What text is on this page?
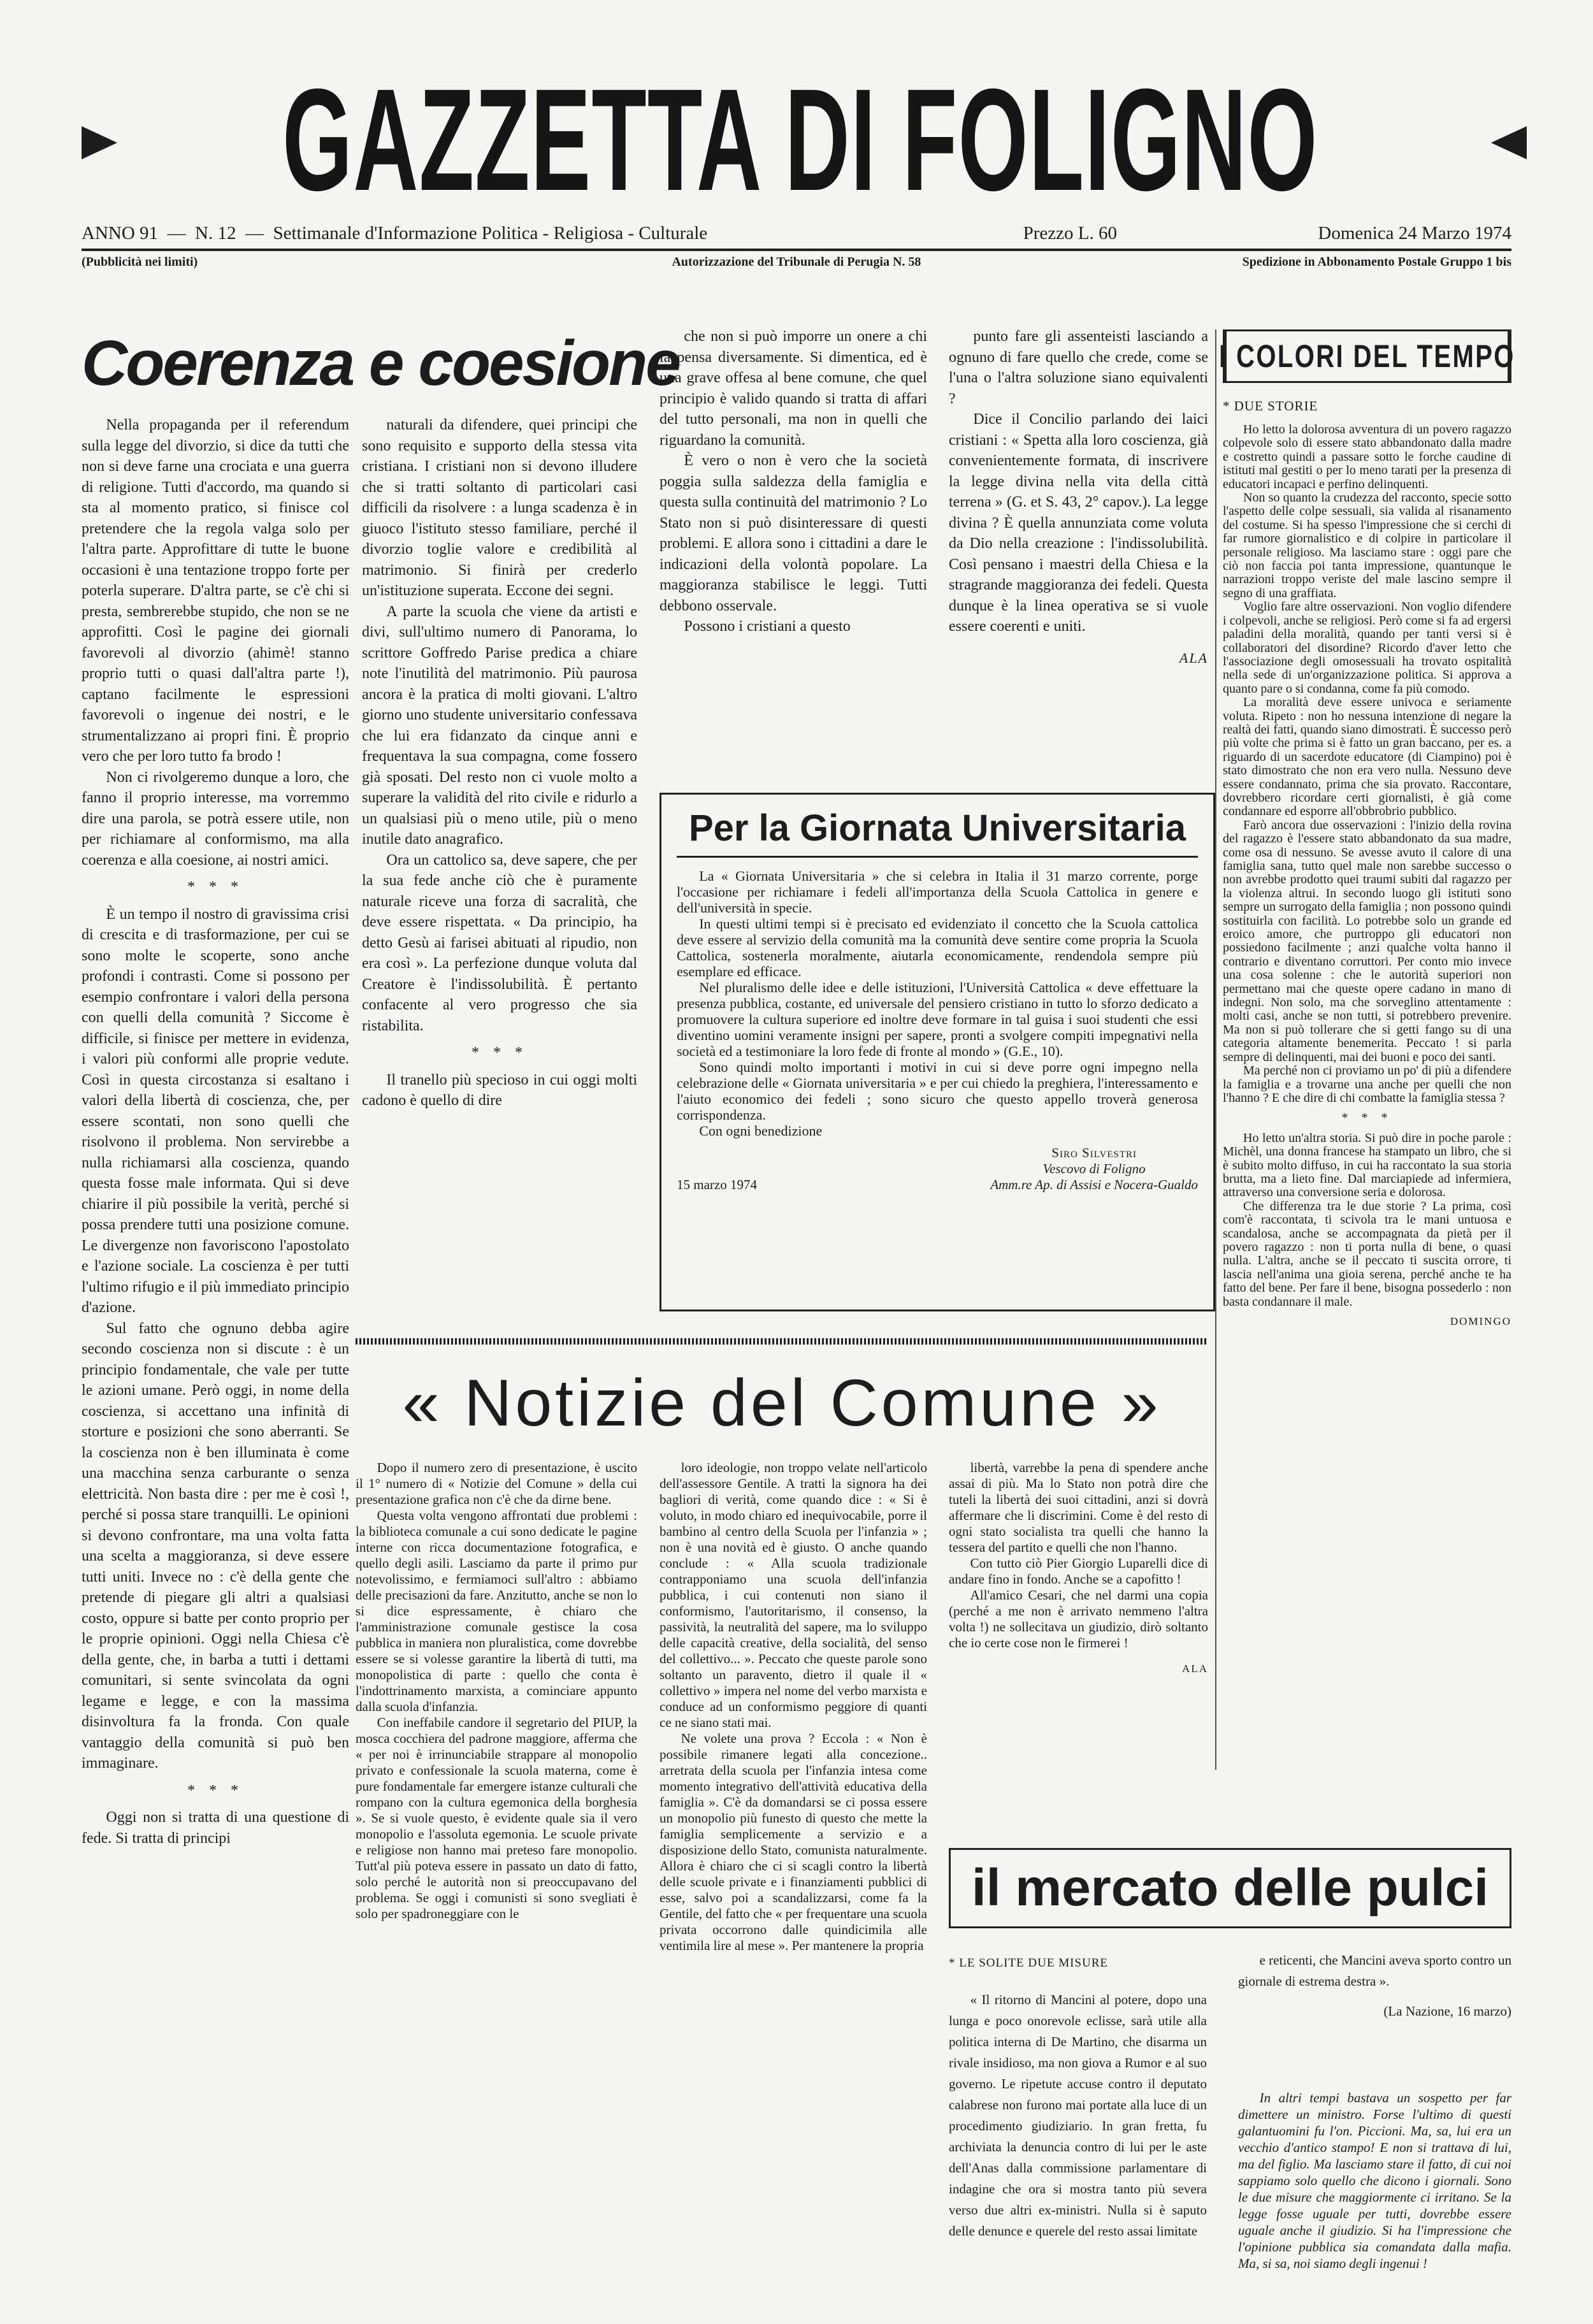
GAZZETTA DI FOLIGNO
ANNO 91 — N. 12 — Settimanale d'Informazione Politica - Religiosa - Culturale	Prezzo L. 60	Domenica 24 Marzo 1974
(Pubblicità nei limiti)	Autorizzazione del Tribunale di Perugia N. 58	Spedizione in Abbonamento Postale Gruppo 1 bis
Coerenza e coesione

Nella propaganda per il referendum sulla legge del divorzio, si dice da tutti che non si deve farne una crociata e una guerra di religione. Tutti d'accordo, ma quando si sta al momento pratico, si finisce col pretendere che la regola valga solo per l'altra parte. Approfittare di tutte le buone occasioni è una tentazione troppo forte per poterla superare. D'altra parte, se c'è chi si presta, sembrerebbe stupido, che non se ne approfitti. Così le pagine dei giornali favorevoli al divorzio (ahimè! stanno proprio tutti o quasi dall'altra parte !), captano facilmente le espressioni favorevoli o ingenue dei nostri, e le strumentalizzano ai propri fini. È proprio vero che per loro tutto fa brodo !

Non ci rivolgeremo dunque a loro, che fanno il proprio interesse, ma vorremmo dire una parola, se potrà essere utile, non per richiamare al conformismo, ma alla coerenza e alla coesione, ai nostri amici.

* * *

È un tempo il nostro di gravissima crisi di crescita e di trasformazione, per cui se sono molte le scoperte, sono anche profondi i contrasti. Come si possono per esempio confrontare i valori della persona con quelli della comunità ? Siccome è difficile, si finisce per mettere in evidenza, i valori più conformi alle proprie vedute. Così in questa circostanza si esaltano i valori della libertà di coscienza, che, per essere scontati, non sono quelli che risolvono il problema. Non servirebbe a nulla richiamarsi alla coscienza, quando questa fosse male informata. Qui si deve chiarire il più possibile la verità, perché si possa prendere tutti una posizione comune. Le divergenze non favoriscono l'apostolato e l'azione sociale. La coscienza è per tutti l'ultimo rifugio e il più immediato principio d'azione.

Sul fatto che ognuno debba agire secondo coscienza non si discute : è un principio fondamentale, che vale per tutte le azioni umane. Però oggi, in nome della coscienza, si accettano una infinità di storture e posizioni che sono aberranti. Se la coscienza non è ben illuminata è come una macchina senza carburante o senza elettricità. Non basta dire : per me è così !, perché si possa stare tranquilli. Le opinioni si devono confrontare, ma una volta fatta una scelta a maggioranza, si deve essere tutti uniti. Invece no : c'è della gente che pretende di piegare gli altri a qualsiasi costo, oppure si batte per conto proprio per le proprie opinioni. Oggi nella Chiesa c'è della gente, che, in barba a tutti i dettami comunitari, si sente svincolata da ogni legame e legge, e con la massima disinvoltura fa la fronda. Con quale vantaggio della comunità si può ben immaginare.

* * *

Oggi non si tratta di una questione di fede. Si tratta di principi

naturali da difendere, quei principi che sono requisito e supporto della stessa vita cristiana. I cristiani non si devono illudere che si tratti soltanto di particolari casi difficili da risolvere : a lunga scadenza è in giuoco l'istituto stesso familiare, perché il divorzio toglie valore e credibilità al matrimonio. Si finirà per crederlo un'istituzione superata. Eccone dei segni.

A parte la scuola che viene da artisti e divi, sull'ultimo numero di Panorama, lo scrittore Goffredo Parise predica a chiare note l'inutilità del matrimonio. Più paurosa ancora è la pratica di molti giovani. L'altro giorno uno studente universitario confessava che lui era fidanzato da cinque anni e frequentava la sua compagna, come fossero già sposati. Del resto non ci vuole molto a superare la validità del rito civile e ridurlo a un qualsiasi più o meno utile, più o meno inutile dato anagrafico.

Ora un cattolico sa, deve sapere, che per la sua fede anche ciò che è puramente naturale riceve una forza di sacralità, che deve essere rispettata. « Da principio, ha detto Gesù ai farisei abituati al ripudio, non era così ». La perfezione dunque voluta dal Creatore è l'indissolubilità. È pertanto confacente al vero progresso che sia ristabilita.

* * *

Il tranello più specioso in cui oggi molti cadono è quello di dire

che non si può imporre un onere a chi la pensa diversamente. Si dimentica, ed è una grave offesa al bene comune, che quel principio è valido quando si tratta di affari del tutto personali, ma non in quelli che riguardano la comunità.

È vero o non è vero che la società poggia sulla saldezza della famiglia e questa sulla continuità del matrimonio ? Lo Stato non si può disinteressare di questi problemi. E allora sono i cittadini a dare le indicazioni della volontà popolare. La maggioranza stabilisce le leggi. Tutti debbono osservale.

Possono i cristiani a questo

punto fare gli assenteisti lasciando a ognuno di fare quello che crede, come se l'una o l'altra soluzione siano equivalenti ?

Dice il Concilio parlando dei laici cristiani : « Spetta alla loro coscienza, già convenientemente formata, di inscrivere la legge divina nella vita della città terrena » (G. et S. 43, 2° capov.). La legge divina ? È quella annunziata come voluta da Dio nella creazione : l'indissolubilità. Così pensano i maestri della Chiesa e la stragrande maggioranza dei fedeli. Questa dunque è la linea operativa se si vuole essere coerenti e uniti.

ALA
Per la Giornata Universitaria

La « Giornata Universitaria » che si celebra in Italia il 31 marzo corrente, porge l'occasione per richiamare i fedeli all'importanza della Scuola Cattolica in genere e dell'università in specie.

In questi ultimi tempi si è precisato ed evidenziato il concetto che la Scuola cattolica deve essere al servizio della comunità ma la comunità deve sentire come propria la Scuola Cattolica, sostenerla moralmente, aiutarla economicamente, rendendola sempre più esemplare ed efficace.

Nel pluralismo delle idee e delle istituzioni, l'Università Cattolica « deve effettuare la presenza pubblica, costante, ed universale del pensiero cristiano in tutto lo sforzo dedicato a promuovere la cultura superiore ed inoltre deve formare in tal guisa i suoi studenti che essi diventino uomini veramente insigni per sapere, pronti a svolgere compiti impegnativi nella società ed a testimoniare la loro fede di fronte al mondo » (G.E., 10).

Sono quindi molto importanti i motivi in cui si deve porre ogni impegno nella celebrazione delle « Giornata universitaria » e per cui chiedo la preghiera, l'interessamento e l'aiuto economico dei fedeli ; sono sicuro che questo appello troverà generosa corrispondenza.

Con ogni benedizione

15 marzo 1974
Siro Silvestri
Vescovo di Foligno
Amm.re Ap. di Assisi e Nocera-Gualdo
I COLORI DEL TEMPO
* DUE STORIE

Ho letto la dolorosa avventura di un povero ragazzo colpevole solo di essere stato abbandonato dalla madre e costretto quindi a passare sotto le forche caudine di istituti mal gestiti o per lo meno tarati per la presenza di educatori incapaci e perfino delinquenti.

Non so quanto la crudezza del racconto, specie sotto l'aspetto delle colpe sessuali, sia valida al risanamento del costume. Si ha spesso l'impressione che si cerchi di far rumore giornalistico e di colpire in particolare il personale religioso. Ma lasciamo stare : oggi pare che ciò non faccia poi tanta impressione, quantunque le narrazioni troppo veriste del male lascino sempre il segno di una graffiata.

Voglio fare altre osservazioni. Non voglio difendere i colpevoli, anche se religiosi. Però come si fa ad ergersi paladini della moralità, quando per tanti versi si è collaboratori del disordine? Ricordo d'aver letto che l'associazione degli omosessuali ha trovato ospitalità nella sede di un'organizzazione politica. Si approva a quanto pare o si condanna, come fa più comodo.

La moralità deve essere univoca e seriamente voluta. Ripeto : non ho nessuna intenzione di negare la realtà dei fatti, quando siano dimostrati. È successo però più volte che prima si è fatto un gran baccano, per es. a riguardo di un sacerdote educatore (di Ciampino) poi è stato dimostrato che non era vero nulla. Nessuno deve essere condannato, prima che sia provato. Raccontare, dovrebbero ricordare certi giornalisti, è già come condannare ed esporre all'obbrobrio pubblico.

Farò ancora due osservazioni : l'inizio della rovina del ragazzo è l'essere stato abbandonato da sua madre, come osa di nessuno. Se avesse avuto il calore di una famiglia sana, tutto quel male non sarebbe successo o non avrebbe prodotto quei traumi subiti dal ragazzo per la violenza altrui. In secondo luogo gli istituti sono sempre un surrogato della famiglia ; non possono quindi sostituirla con facilità. Lo potrebbe solo un grande ed eroico amore, che purtroppo gli educatori non possiedono facilmente ; anzi qualche volta hanno il contrario e diventano corruttori. Per conto mio invece una cosa solenne : che le autorità superiori non permettano mai che queste opere cadano in mano di indegni. Non solo, ma che sorveglino attentamente : molti casi, anche se non tutti, si potrebbero prevenire. Ma non si può tollerare che si getti fango su di una categoria altamente benemerita. Peccato ! si parla sempre di delinquenti, mai dei buoni e poco dei santi.

Ma perché non ci proviamo un po' di più a difendere la famiglia e a trovarne una anche per quelli che non l'hanno ? E che dire di chi combatte la famiglia stessa ?

* * *

Ho letto un'altra storia. Si può dire in poche parole : Michèl, una donna francese ha stampato un libro, che si è subito molto diffuso, in cui ha raccontato la sua storia brutta, ma a lieto fine. Dal marciapiede ad infermiera, attraverso una conversione seria e dolorosa.

Che differenza tra le due storie ? La prima, così com'è raccontata, ti scivola tra le mani untuosa e scandalosa, anche se accompagnata da pietà per il povero ragazzo : non ti porta nulla di bene, o quasi nulla. L'altra, anche se il peccato ti suscita orrore, ti lascia nell'anima una gioia serena, perché anche te ha fatto del bene. Per fare il bene, bisogna possederlo : non basta condannare il male.

DOMINGO
« Notizie del Comune »

Dopo il numero zero di presentazione, è uscito il 1° numero di « Notizie del Comune » della cui presentazione grafica non c'è che da dirne bene.

Questa volta vengono affrontati due problemi : la biblioteca comunale a cui sono dedicate le pagine interne con ricca documentazione fotografica, e quello degli asili. Lasciamo da parte il primo pur notevolissimo, e fermiamoci sull'altro : abbiamo delle precisazioni da fare. Anzitutto, anche se non lo si dice espressamente, è chiaro che l'amministrazione comunale gestisce la cosa pubblica in maniera non pluralistica, come dovrebbe essere se si volesse garantire la libertà di tutti, ma monopolistica di parte : quello che conta è l'indottrinamento marxista, a cominciare appunto dalla scuola d'infanzia.

Con ineffabile candore il segretario del PIUP, la mosca cocchiera del padrone maggiore, afferma che « per noi è irrinunciabile strappare al monopolio privato e confessionale la scuola materna, come è pure fondamentale far emergere istanze culturali che rompano con la cultura egemonica della borghesia ». Se si vuole questo, è evidente quale sia il vero monopolio e l'assoluta egemonia. Le scuole private e religiose non hanno mai preteso fare monopolio. Tutt'al più poteva essere in passato un dato di fatto, solo perché le autorità non si preoccupavano del problema. Se oggi i comunisti si sono svegliati è solo per spadroneggiare con le

loro ideologie, non troppo velate nell'articolo dell'assessore Gentile. A tratti la signora ha dei bagliori di verità, come quando dice : « Si è voluto, in modo chiaro ed inequivocabile, porre il bambino al centro della Scuola per l'infanzia » ; non è una novità ed è giusto. O anche quando conclude : « Alla scuola tradizionale contrapponiamo una scuola dell'infanzia pubblica, i cui contenuti non siano il conformismo, l'autoritarismo, il consenso, la passività, la neutralità del sapere, ma lo sviluppo delle capacità creative, della socialità, del senso del collettivo... ». Peccato che queste parole sono soltanto un paravento, dietro il quale il « collettivo » impera nel nome del verbo marxista e conduce ad un conformismo peggiore di quanti ce ne siano stati mai.

Ne volete una prova ? Eccola : « Non è possibile rimanere legati alla concezione.. arretrata della scuola per l'infanzia intesa come momento integrativo dell'attività educativa della famiglia ». C'è da domandarsi se ci possa essere un monopolio più funesto di questo che mette la famiglia semplicemente a servizio e a disposizione dello Stato, comunista naturalmente. Allora è chiaro che ci si scagli contro la libertà delle scuole private e i finanziamenti pubblici di esse, salvo poi a scandalizzarsi, come fa la Gentile, del fatto che « per frequentare una scuola privata occorrono dalle quindicimila alle ventimila lire al mese ». Per mantenere la propria

libertà, varrebbe la pena di spendere anche assai di più. Ma lo Stato non potrà dire che tuteli la libertà dei suoi cittadini, anzi si dovrà affermare che li discrimini. Come è del resto di ogni stato socialista tra quelli che hanno la tessera del partito e quelli che non l'hanno.

Con tutto ciò Pier Giorgio Luparelli dice di andare fino in fondo. Anche se a capofitto !

All'amico Cesari, che nel darmi una copia (perché a me non è arrivato nemmeno l'altra volta !) ne sollecitava un giudizio, dirò soltanto che io certe cose non le firmerei !

ALA
il mercato delle pulci
* LE SOLITE DUE MISURE

« Il ritorno di Mancini al potere, dopo una lunga e poco onorevole eclisse, sarà utile alla politica interna di De Martino, che disarma un rivale insidioso, ma non giova a Rumor e al suo governo. Le ripetute accuse contro il deputato calabrese non furono mai portate alla luce di un procedimento giudiziario. In gran fretta, fu archiviata la denuncia contro di lui per le aste dell'Anas dalla commissione parlamentare di indagine che ora si mostra tanto più severa verso due altri ex-ministri. Nulla si è saputo delle denunce e querele del resto assai limitate

e reticenti, che Mancini aveva sporto contro un giornale di estrema destra ».

(La Nazione, 16 marzo)

In altri tempi bastava un sospetto per far dimettere un ministro. Forse l'ultimo di questi galantuomini fu l'on. Piccioni. Ma, sa, lui era un vecchio d'antico stampo! E non si trattava di lui, ma del figlio. Ma lasciamo stare il fatto, di cui noi sappiamo solo quello che dicono i giornali. Sono le due misure che maggiormente ci irritano. Se la legge fosse uguale per tutti, dovrebbe essere uguale anche il giudizio. Si ha l'impressione che l'opinione pubblica sia comandata dalla mafia. Ma, si sa, noi siamo degli ingenui !
